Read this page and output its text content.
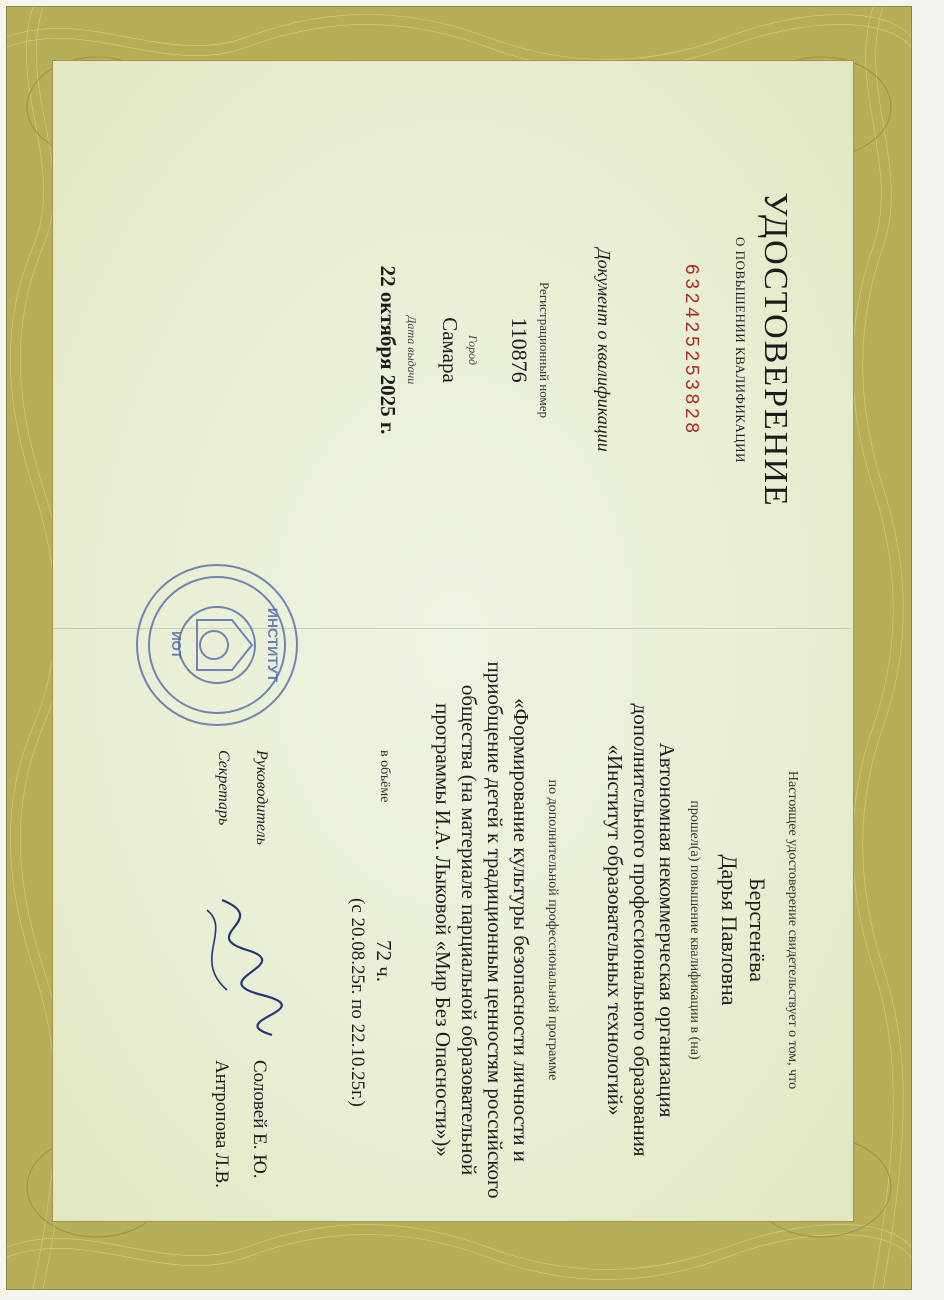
УДОСТОВЕРЕНИЕ
О ПОВЫШЕНИИ КВАЛИФИКАЦИИ
632425253828
Документ о квалификации
Регистрационный номер
110876
Город
Самара
Дата выдачи
22 октября 2025 г.
Настоящее удостоверение свидетельствует о том, что
Берстенёва
Дарья Павловна
прошел(а) повышение квалификации в (на)
Автономная некоммерческая организация дополнительного профессионального образования «Институт образовательных технологий»
по дополнительной профессиональной программе
«Формирование культуры безопасности личности и приобщение детей к традиционным ценностям российского общества (на материале парциальной образовательной программы И.А. Лыковой «Мир Без Опасности»)»
в объёме
72 ч.
(с 20.08.25г. по 22.10.25г.)
Руководитель
Соловей Е. Ю.
Секретарь
Антропова Л.В.
ИНСТИТУТ
ИОТ
